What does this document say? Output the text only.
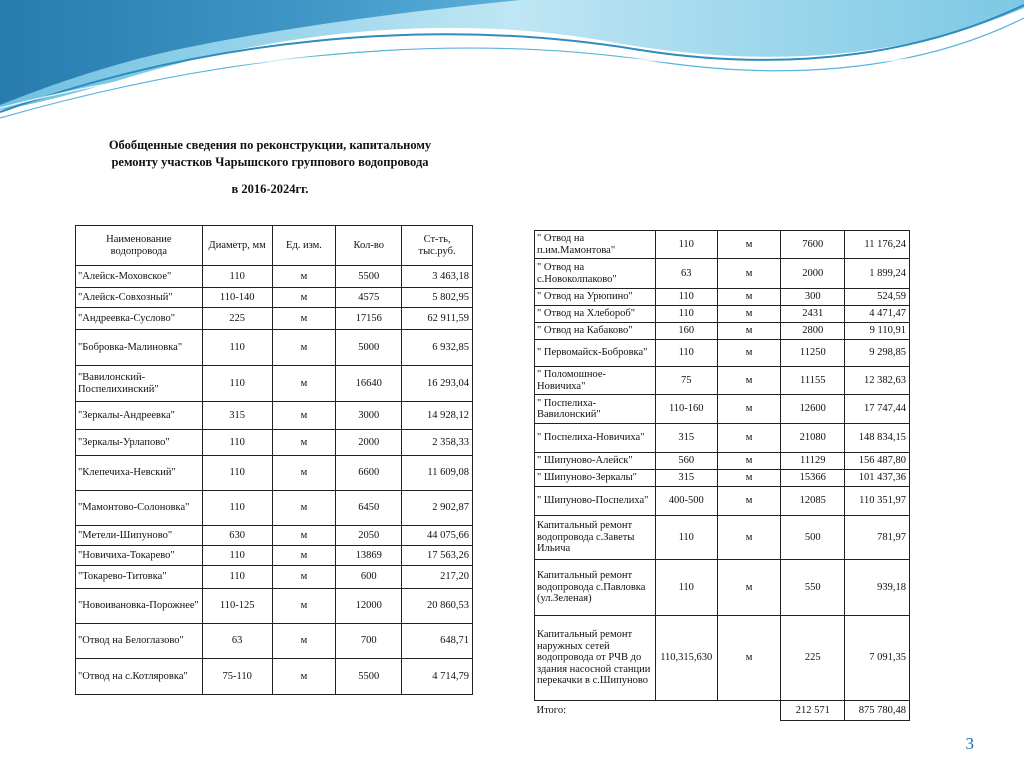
Обобщенные сведения по реконструкции, капитальному
ремонту участков Чарышского группового водопровода
в 2016-2024гг.
Наименование водопровода	Диаметр, мм	Ед. изм.	Кол-во	Ст-ть, тыс.руб.
"Алейск-Моховское"	110	м	5500	3 463,18
"Алейск-Совхозный"	110-140	м	4575	5 802,95
"Андреевка-Суслово"	225	м	17156	62 911,59
"Бобровка-Малиновка"	110	м	5000	6 932,85
"Вавилонский-Поспелихинский"	110	м	16640	16 293,04
"Зеркалы-Андреевка"	315	м	3000	14 928,12
"Зеркалы-Урлапово"	110	м	2000	2 358,33
"Клепечиха-Невский"	110	м	6600	11 609,08
"Мамонтово-Солоновка"	110	м	6450	2 902,87
"Метели-Шипуново"	630	м	2050	44 075,66
"Новичиха-Токарево"	110	м	13869	17 563,26
"Токарево-Титовка"	110	м	600	217,20
"Новоивановка-Порожнее"	110-125	м	12000	20 860,53
"Отвод на Белоглазово"	63	м	700	648,71
"Отвод на с.Котляровка"	75-110	м	5500	4 714,79
" Отвод на п.им.Мамонтова"	110	м	7600	11 176,24
" Отвод на с.Новоколпаково"	63	м	2000	1 899,24
" Отвод на Урюпино"	110	м	300	524,59
" Отвод на Хлебороб"	110	м	2431	4 471,47
" Отвод на Кабаково"	160	м	2800	9 110,91
" Первомайск-Бобровка"	110	м	11250	9 298,85
" Поломошное-Новичиха"	75	м	11155	12 382,63
" Поспелиха-Вавилонский"	110-160	м	12600	17 747,44
" Поспелиха-Новичиха"	315	м	21080	148 834,15
" Шипуново-Алейск"	560	м	11129	156 487,80
" Шипуново-Зеркалы"	315	м	15366	101 437,36
" Шипуново-Поспелиха"	400-500	м	12085	110 351,97
Капитальный ремонт водопровода с.Заветы Ильича	110	м	500	781,97
Капитальный ремонт водопровода с.Павловка (ул.Зеленая)	110	м	550	939,18
Капитальный ремонт наружных сетей водопровода от РЧВ до здания насосной станции перекачки в с.Шипуново	110,315,630	м	225	7 091,35
Итого:			212 571	875 780,48
3
